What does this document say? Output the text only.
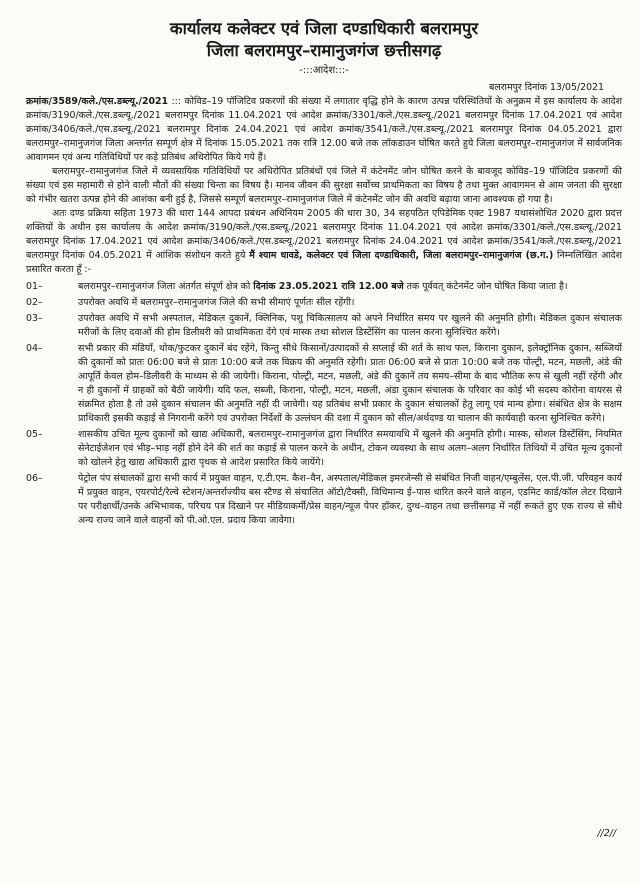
कार्यालय कलेक्टर एवं जिला दण्डाधिकारी बलरामपुर
जिला बलरामपुर–रामानुजगंज छत्तीसगढ़
-:::आदेश:::-
बलरामपुर दिनांक 13/05/2021

क्रमांक/3589/कले./एस.डब्ल्यू./2021 ::: कोविड–19 पॉजिटिव प्रकरणों की संख्या में लगातार वृद्धि होने के कारण उत्पन्न परिस्थितियों के अनुक्रम में इस कार्यालय के आदेश क्रमांक/3190/कले./एस.डब्ल्यू./2021 बलरामपुर दिनांक 11.04.2021 एवं आदेश क्रमांक/3301/कले./एस.डब्ल्यू./2021 बलरामपुर दिनांक 17.04.2021 एवं आदेश क्रमांक/3406/कले./एस.डब्ल्यू./2021 बलरामपुर दिनांक 24.04.2021 एवं आदेश क्रमांक/3541/कले./एस.डब्ल्यू./2021 बलरामपुर दिनांक 04.05.2021 द्वारा बलरामपुर–रामानुजगंज जिला अन्तर्गत सम्पूर्ण क्षेत्र में दिनांक 15.05.2021 तक रात्रि 12.00 बजे तक लॉकडाउन घोषित करते हुये जिला बलरामपुर–रामानुजगंज में सार्वजनिक आवागमन एवं अन्य गतिविधियों पर कड़े प्रतिबंध अधिरोपित किये गये हैं।

बलरामपुर–रामानुजगंज जिले में व्यवसायिक गतिविधियों पर अधिरोपित प्रतिबंधों एवं जिले में कंटेनमेंट जोन घोषित करने के बावजूद कोविड–19 पॉजिटिव प्रकरणों की संख्या एवं इस महामारी से होने वाली मौतों की संख्या चिन्ता का विषय है। मानव जीवन की सुरक्षा सर्वोच्च प्राथमिकता का विषय है तथा मुक्त आवागमन से आम जनता की सुरक्षा को गंभीर खतरा उत्पन्न होने की आशंका बनी हुई है, जिससे सम्पूर्ण बलरामपुर–रामानुजगंज जिले में कंटेनमेंट जोन की अवधि बढ़ाया जाना आवश्यक हो गया है।

अतः दण्ड प्रक्रिया सहिता 1973 की धारा 144 आपदा प्रबंधन अधिनियम 2005 की धारा 30, 34 सहपठित एपिडेमिक एक्ट 1987 यथासंशोधित 2020 द्वारा प्रदत्त शक्तियों के अधीन इस कार्यालय के आदेश क्रमांक/3190/कले./एस.डब्ल्यू./2021 बलरामपुर दिनांक 11.04.2021 एवं आदेश क्रमांक/3301/कले./एस.डब्ल्यू./2021 बलरामपुर दिनांक 17.04.2021 एवं आदेश क्रमांक/3406/कले./एस.डब्ल्यू./2021 बलरामपुर दिनांक 24.04.2021 एवं आदेश क्रमांक/3541/कले./एस.डब्ल्यू./2021 बलरामपुर दिनांक 04.05.2021 में आंशिक संशोधन करते हुये मैं श्याम धावडे, कलेक्टर एवं जिला दण्डाधिकारी, जिला बलरामपुर–रामानुजगंज (छ.ग.) निम्नलिखित आदेश प्रसारित करता हूँ :-

01–	बलरामपुर–रामानुजगंज जिला अंतर्गत संपूर्ण क्षेत्र को दिनांक 23.05.2021 रात्रि 12.00 बजे तक पूर्ववत् कंटेनमेंट जोन घोषित किया जाता है।
02–	उपरोक्त अवधि में बलरामपुर–रामानुजगंज जिले की सभी सीमाएं पूर्णतः सील रहेंगी।
03–	उपरोक्त अवधि में सभी अस्पताल, मेडिकल दुकानें, क्लिनिक, पशु चिकित्सालय को अपने निर्धारित समय पर खुलने की अनुमति होगी। मेडिकल दुकान संचालक मरीजों के लिए दवाओं की होम डिलीवरी को प्राथमिकता देंगे एवं मास्क तथा सोशल डिस्टेंसिंग का पालन करना सुनिश्चित करेंगे।
04–	सभी प्रकार की मंडियाँ, थोक/फुटकर दुकानें बंद रहेंगे, किन्तु सीधे किसानों/उत्पादकों से सप्लाई की शर्त के साथ फल, किराना दुकान, इलेक्ट्रॉनिक दुकान, सब्जियों की दुकानों को प्रातः 06:00 बजे से प्रातः 10:00 बजे तक विक्रय की अनुमति रहेगी। प्रातः 06:00 बजे से प्रातः 10:00 बजे तक पोल्ट्री, मटन, मछली, अंडे की आपूर्ति केवल होम–डिलीवरी के माध्यम से की जायेगी। किराना, पोल्ट्री, मटन, मछली, अंडे की दुकानें तय समय–सीमा के बाद भौतिक रूप से खुली नहीं रहेंगी और न ही दुकानों में ग्राहकों को बैठी जायेगी। यदि फल, सब्जी, किराना, पोल्ट्री, मटन, मछली, अंडा दुकान संचालक के परिवार का कोई भी सदस्य कोरोना वायरस से संक्रमित होता है तो उसे दुकान संचालन की अनुमति नहीं दी जावेगी। यह प्रतिबंध सभी प्रकार के दुकान संचालकों हेतु लागू एवं मान्य होगा। संबंधित क्षेत्र के सक्षम प्राधिकारी इसकी कड़ाई से निगरानी करेंगे एवं उपरोक्त निर्देशों के उल्लंघन की दशा में दुकान को सील/अर्थदण्ड या चालान की कार्यवाही करना सुनिश्चित करेंगे।
05–	शासकीय उचित मूल्य दुकानों को खाद्य अधिकारी, बलरामपुर–रामानुजगंज द्वारा निर्धारित समयावधि में खुलने की अनुमति होगी। मास्क, सोशल डिस्टेंसिंग, नियमित सेनेटाईजेशन एवं भीड़–भाड़ नहीं होने देने की शर्त का कड़ाई से पालन करने के अधीन, टोकन व्यवस्था के साथ अलग–अलग निर्धारित तिथियों में उचित मूल्य दुकानों को खोलने हेतु खाद्य अधिकारी द्वारा पृथक से आदेश प्रसारित किये जायेंगे।
06–	पेट्रोल पंप संचालकों द्वारा सभी कार्य में प्रयुक्त वाहन, ए.टी.एम. कैश–वैन, अस्पताल/मेडिकल इमरजेन्सी से संबंधित निजी वाहन/एम्बुलेंस, एल.पी.जी. परिवहन कार्य में प्रयुक्त वाहन, एयरपोर्ट/रेल्वे स्टेशन/अन्तर्राज्यीय बस स्टैण्ड से संचालित ऑटो/टैक्सी, विधिमान्य ई–पास धारित करने वाले वाहन, एडमिट कार्ड/कॉल लेटर दिखाने पर परीक्षार्थी/उनके अभिभावक, परिचय पत्र दिखाने पर मीडियाकर्मी/प्रेस वाहन/न्यूज पेपर हॉकर, दुग्ध–वाहन तथा छत्तीसगढ़ में नहीं रूकते हुए एक राज्य से सीधे अन्य राज्य जाने वाले वाहनों को पी.ओ.एल. प्रदाय किया जावेगा।
//2//
